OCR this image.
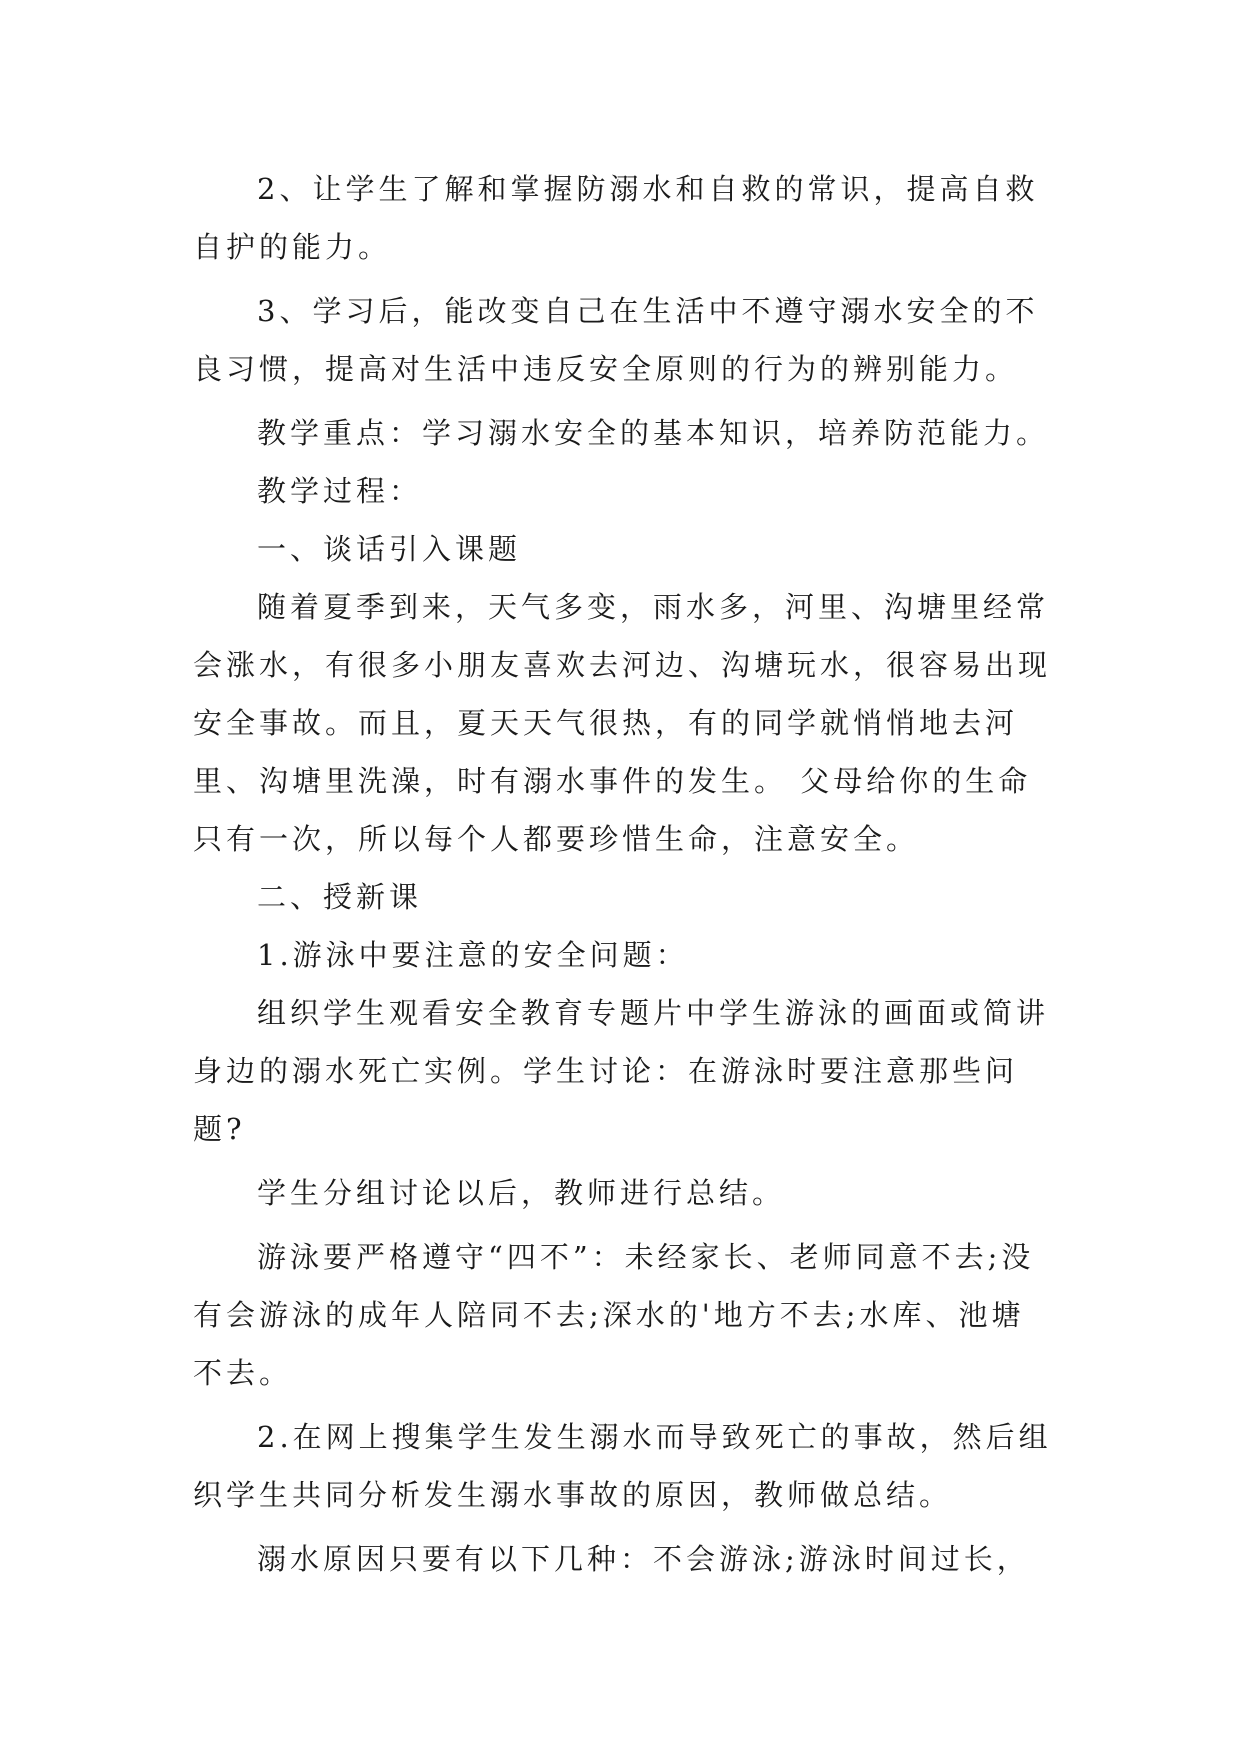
2、让学生了解和掌握防溺水和自救的常识，提高自救自护的能力。

3、学习后，能改变自己在生活中不遵守溺水安全的不良习惯，提高对生活中违反安全原则的行为的辨别能力。

教学重点：学习溺水安全的基本知识，培养防范能力。

教学过程：

一、谈话引入课题

随着夏季到来，天气多变，雨水多，河里、沟塘里经常会涨水，有很多小朋友喜欢去河边、沟塘玩水，很容易出现安全事故。而且，夏天天气很热，有的同学就悄悄地去河里、沟塘里洗澡，时有溺水事件的发生。 父母给你的生命只有一次，所以每个人都要珍惜生命，注意安全。

二、授新课

1.游泳中要注意的安全问题：

组织学生观看安全教育专题片中学生游泳的画面或简讲身边的溺水死亡实例。学生讨论：在游泳时要注意那些问题?

学生分组讨论以后，教师进行总结。

游泳要严格遵守“四不”：未经家长、老师同意不去;没有会游泳的成年人陪同不去;深水的'地方不去;水库、池塘不去。

2.在网上搜集学生发生溺水而导致死亡的事故，然后组织学生共同分析发生溺水事故的原因，教师做总结。

溺水原因只要有以下几种：不会游泳;游泳时间过长，
